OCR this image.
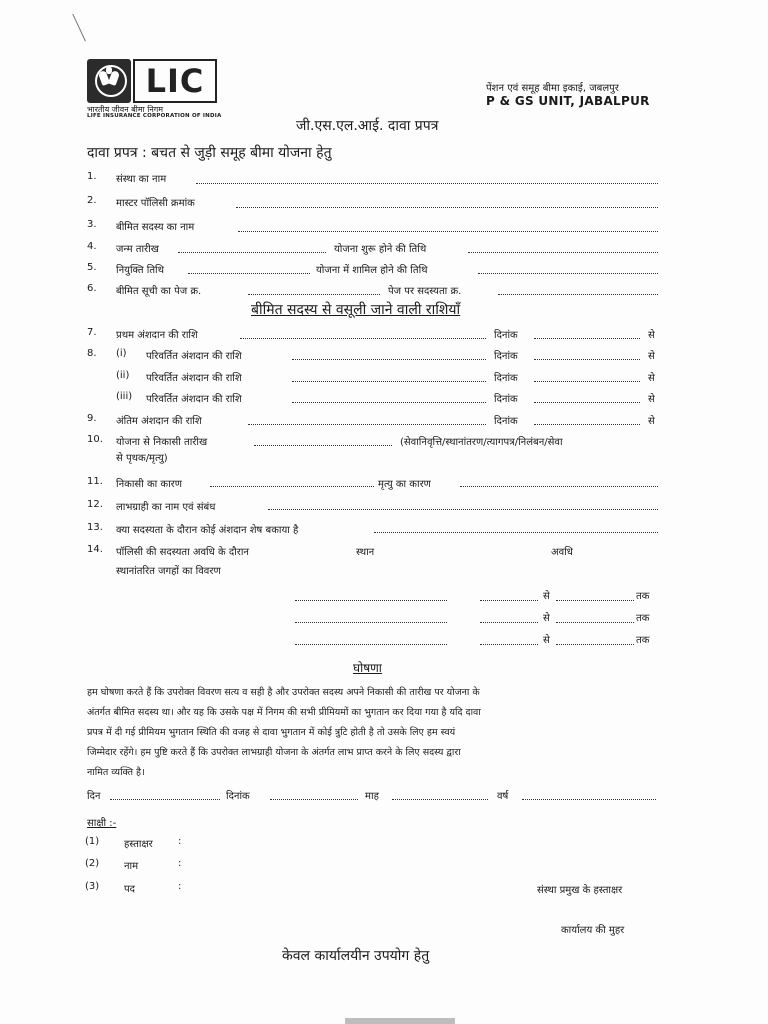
LIC
भारतीय जीवन बीमा निगम
LIFE INSURANCE CORPORATION OF INDIA
पेंशन एवं समूह बीमा इकाई, जबलपुर
P & GS UNIT, JABALPUR
जी.एस.एल.आई. दावा प्रपत्र
दावा प्रपत्र : बचत से जुड़ी समूह बीमा योजना हेतु
1. संस्था का नाम
2. मास्टर पॉलिसी क्रमांक
3. बीमित सदस्य का नाम
4. जन्म तारीख	योजना शुरू होने की तिथि
5. नियुक्ति तिथि	योजना में शामिल होने की तिथि
6. बीमित सूची का पेज क्र.	पेज पर सदस्यता क्र.
बीमित सदस्य से वसूली जाने वाली राशियाँ
7. प्रथम अंशदान की राशि	दिनांक	से
8. (i) परिवर्तित अंशदान की राशि	दिनांक	से
(ii) परिवर्तित अंशदान की राशि	दिनांक	से
(iii) परिवर्तित अंशदान की राशि	दिनांक	से
9. अंतिम अंशदान की राशि	दिनांक	से
10. योजना से निकासी तारीख	(सेवानिवृत्ति/स्थानांतरण/त्यागपत्र/निलंबन/सेवा
से पृथक/मृत्यु)
11. निकासी का कारण	मृत्यु का कारण
12. लाभग्राही का नाम एवं संबंध
13. क्या सदस्यता के दौरान कोई अंशदान शेष बकाया है
14. पॉलिसी की सदस्यता अवधि के दौरान
स्थानांतरित जगहों का विवरण
स्थान	अवधि
से	तक
से	तक
से	तक
घोषणा
हम घोषणा करते हैं कि उपरोक्त विवरण सत्य व सही है और उपरोक्त सदस्य अपने निकासी की तारीख पर योजना के
अंतर्गत बीमित सदस्य था। और यह कि उसके पक्ष में निगम की सभी प्रीमियमों का भुगतान कर दिया गया है यदि दावा
प्रपत्र में दी गई प्रीमियम भुगतान स्थिति की वजह से दावा भुगतान में कोई त्रुटि होती है तो उसके लिए हम स्वयं
जिम्मेदार रहेंगे। हम पुष्टि करते हैं कि उपरोक्त लाभग्राही योजना के अंतर्गत लाभ प्राप्त करने के लिए सदस्य द्वारा
नामित व्यक्ति है।
दिन	दिनांक	माह	वर्ष
साक्षी :-
(1) हस्ताक्षर	:
(2) नाम	:
(3) पद	:	संस्था प्रमुख के हस्ताक्षर
कार्यालय की मुहर
केवल कार्यालयीन उपयोग हेतु
